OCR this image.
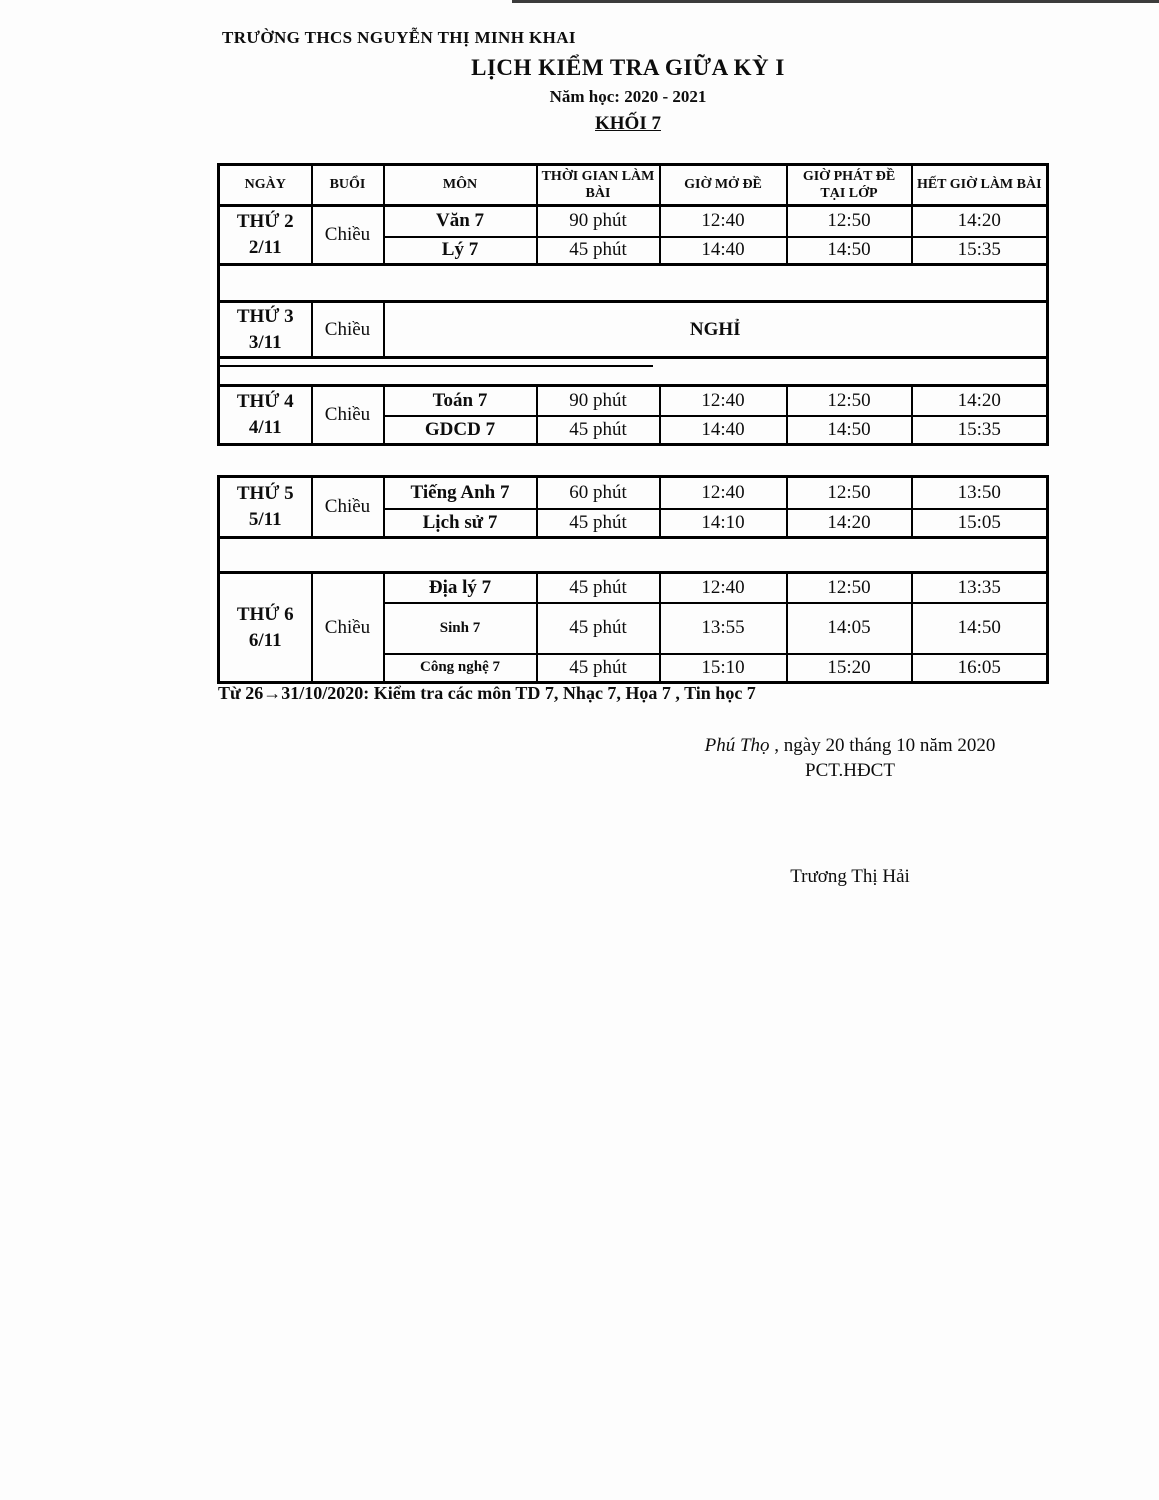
TRƯỜNG THCS NGUYỄN THỊ MINH KHAI
LỊCH KIỂM TRA GIỮA KỲ I
Năm học: 2020 - 2021
KHỐI 7
NGÀY	BUỔI	MÔN	THỜI GIAN LÀM BÀI	GIỜ MỞ ĐỀ	GIỜ PHÁT ĐỀ TẠI LỚP	HẾT GIỜ LÀM BÀI

THỨ 2
2/11	Chiều	Văn 7	90 phút	12:40	12:50	14:20
		Lý 7	45 phút	14:40	14:50	15:35

THỨ 3
3/11	Chiều	NGHỈ				

THỨ 4
4/11	Chiều	Toán 7	90 phút	12:40	12:50	14:20
		GDCD 7	45 phút	14:40	14:50	15:35
THỨ 5
5/11	Chiều	Tiếng Anh 7	60 phút	12:40	12:50	13:50
		Lịch sử 7	45 phút	14:10	14:20	15:05

THỨ 6
6/11	Chiều	Địa lý 7	45 phút	12:40	12:50	13:35
		Sinh 7	45 phút	13:55	14:05	14:50
		Công nghệ 7	45 phút	15:10	15:20	16:05
Từ 26→31/10/2020: Kiểm tra các môn TD 7, Nhạc 7, Họa 7 , Tin học 7
Phú Thọ , ngày 20 tháng 10 năm 2020
PCT.HĐCT
Trương Thị Hải
